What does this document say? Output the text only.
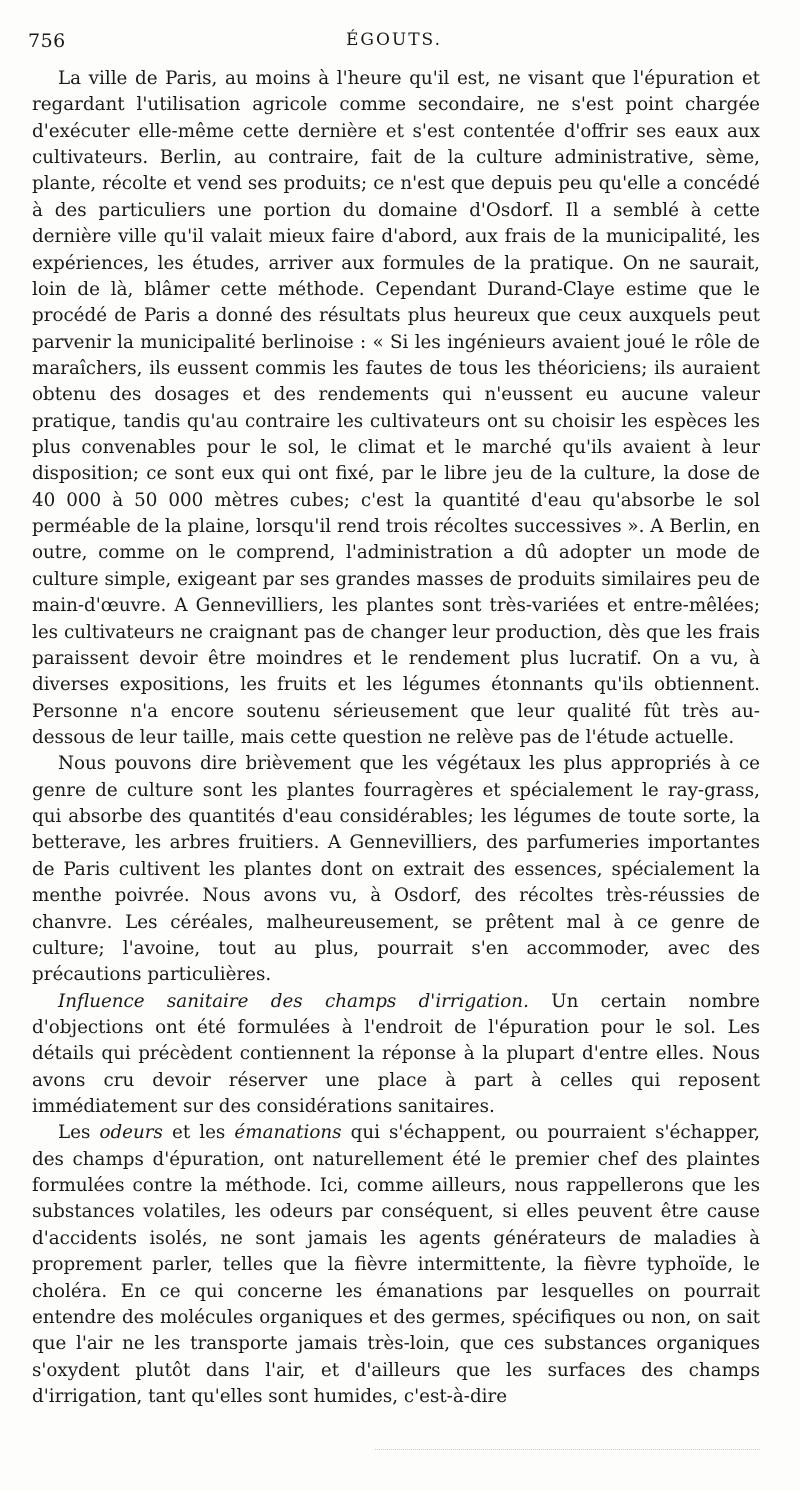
756	ÉGOUTS.

La ville de Paris, au moins à l'heure qu'il est, ne visant que l'épuration et regardant l'utilisation agricole comme secondaire, ne s'est point chargée d'exécuter elle-même cette dernière et s'est contentée d'offrir ses eaux aux cultivateurs. Berlin, au contraire, fait de la culture administrative, sème, plante, récolte et vend ses produits; ce n'est que depuis peu qu'elle a concédé à des particuliers une portion du domaine d'Osdorf. Il a semblé à cette dernière ville qu'il valait mieux faire d'abord, aux frais de la municipalité, les expériences, les études, arriver aux formules de la pratique. On ne saurait, loin de là, blâmer cette méthode. Cependant Durand-Claye estime que le procédé de Paris a donné des résultats plus heureux que ceux auxquels peut parvenir la municipalité berlinoise : « Si les ingénieurs avaient joué le rôle de maraîchers, ils eussent commis les fautes de tous les théoriciens; ils auraient obtenu des dosages et des rendements qui n'eussent eu aucune valeur pratique, tandis qu'au contraire les cultivateurs ont su choisir les espèces les plus convenables pour le sol, le climat et le marché qu'ils avaient à leur disposition; ce sont eux qui ont fixé, par le libre jeu de la culture, la dose de 40 000 à 50 000 mètres cubes; c'est la quantité d'eau qu'absorbe le sol perméable de la plaine, lorsqu'il rend trois récoltes successives ». A Berlin, en outre, comme on le comprend, l'administration a dû adopter un mode de culture simple, exigeant par ses grandes masses de produits similaires peu de main-d'œuvre. A Gennevilliers, les plantes sont très-variées et entre-mêlées; les cultivateurs ne craignant pas de changer leur production, dès que les frais paraissent devoir être moindres et le rendement plus lucratif. On a vu, à diverses expositions, les fruits et les légumes étonnants qu'ils obtiennent. Personne n'a encore soutenu sérieusement que leur qualité fût très au-dessous de leur taille, mais cette question ne relève pas de l'étude actuelle.

Nous pouvons dire brièvement que les végétaux les plus appropriés à ce genre de culture sont les plantes fourragères et spécialement le ray-grass, qui absorbe des quantités d'eau considérables; les légumes de toute sorte, la betterave, les arbres fruitiers. A Gennevilliers, des parfumeries importantes de Paris cultivent les plantes dont on extrait des essences, spécialement la menthe poivrée. Nous avons vu, à Osdorf, des récoltes très-réussies de chanvre. Les céréales, malheureusement, se prêtent mal à ce genre de culture; l'avoine, tout au plus, pourrait s'en accommoder, avec des précautions particulières.

Influence sanitaire des champs d'irrigation. Un certain nombre d'objections ont été formulées à l'endroit de l'épuration pour le sol. Les détails qui précèdent contiennent la réponse à la plupart d'entre elles. Nous avons cru devoir réserver une place à part à celles qui reposent immédiatement sur des considérations sanitaires.

Les odeurs et les émanations qui s'échappent, ou pourraient s'échapper, des champs d'épuration, ont naturellement été le premier chef des plaintes formulées contre la méthode. Ici, comme ailleurs, nous rappellerons que les substances volatiles, les odeurs par conséquent, si elles peuvent être cause d'accidents isolés, ne sont jamais les agents générateurs de maladies à proprement parler, telles que la fièvre intermittente, la fièvre typhoïde, le choléra. En ce qui concerne les émanations par lesquelles on pourrait entendre des molécules organiques et des germes, spécifiques ou non, on sait que l'air ne les transporte jamais très-loin, que ces substances organiques s'oxydent plutôt dans l'air, et d'ailleurs que les surfaces des champs d'irrigation, tant qu'elles sont humides, c'est-à-dire
